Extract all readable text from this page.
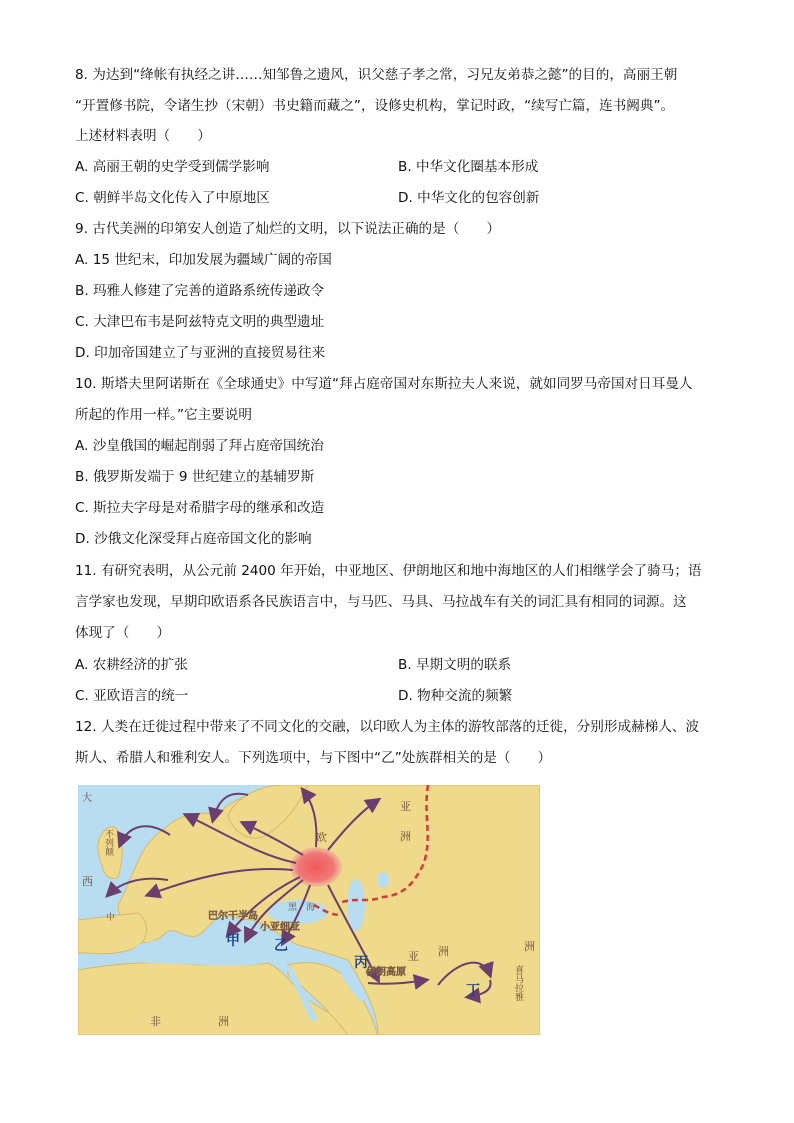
8. 为达到“绛帐有执经之讲……知邹鲁之遗风，识父慈子孝之常，习兄友弟恭之懿”的目的，高丽王朝
“开置修书院，令诸生抄（宋朝）书史籍而藏之”，设修史机构，掌记时政，“续写亡篇，连书阙典”。
上述材料表明（　　）
A. 高丽王朝的史学受到儒学影响	B. 中华文化圈基本形成
C. 朝鲜半岛文化传入了中原地区	D. 中华文化的包容创新
9. 古代美洲的印第安人创造了灿烂的文明，以下说法正确的是（　　）
A. 15 世纪末，印加发展为疆域广阔的帝国
B. 玛雅人修建了完善的道路系统传递政令
C. 大津巴布韦是阿兹特克文明的典型遗址
D. 印加帝国建立了与亚洲的直接贸易往来
10. 斯塔夫里阿诺斯在《全球通史》中写道“拜占庭帝国对东斯拉夫人来说，就如同罗马帝国对日耳曼人
所起的作用一样。”它主要说明
A. 沙皇俄国的崛起削弱了拜占庭帝国统治
B. 俄罗斯发端于 9 世纪建立的基辅罗斯
C. 斯拉夫字母是对希腊字母的继承和改造
D. 沙俄文化深受拜占庭帝国文化的影响
11. 有研究表明，从公元前 2400 年开始，中亚地区、伊朗地区和地中海地区的人们相继学会了骑马；语
言学家也发现，早期印欧语系各民族语言中，与马匹、马具、马拉战车有关的词汇具有相同的词源。这
体现了（　　）
A. 农耕经济的扩张	B. 早期文明的联系
C. 亚欧语言的统一	D. 物种交流的频繁
12. 人类在迁徙过程中带来了不同文化的交融，以印欧人为主体的游牧部落的迁徙，分别形成赫梯人、波
斯人、希腊人和雅利安人。下列选项中，与下图中“乙”处族群相关的是（　　）
大
西
欧	洲
亚
洲
黑 海
中
亚 洲
非	洲
不列颠
喜马拉雅
巴尔干半岛
小亚细亚
伊朗高原
甲 乙
丙
丁
